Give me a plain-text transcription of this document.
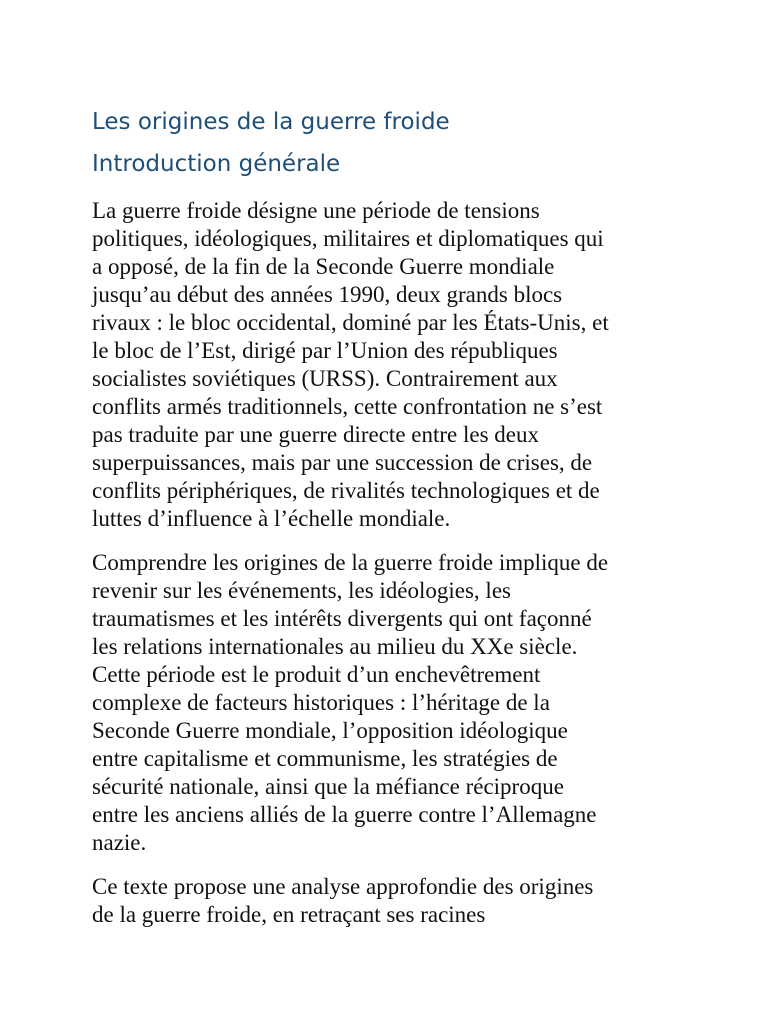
Les origines de la guerre froide
Introduction générale

La guerre froide désigne une période de tensions
politiques, idéologiques, militaires et diplomatiques qui
a opposé, de la fin de la Seconde Guerre mondiale
jusqu’au début des années 1990, deux grands blocs
rivaux : le bloc occidental, dominé par les États-Unis, et
le bloc de l’Est, dirigé par l’Union des républiques
socialistes soviétiques (URSS). Contrairement aux
conflits armés traditionnels, cette confrontation ne s’est
pas traduite par une guerre directe entre les deux
superpuissances, mais par une succession de crises, de
conflits périphériques, de rivalités technologiques et de
luttes d’influence à l’échelle mondiale.

Comprendre les origines de la guerre froide implique de
revenir sur les événements, les idéologies, les
traumatismes et les intérêts divergents qui ont façonné
les relations internationales au milieu du XXe siècle.
Cette période est le produit d’un enchevêtrement
complexe de facteurs historiques : l’héritage de la
Seconde Guerre mondiale, l’opposition idéologique
entre capitalisme et communisme, les stratégies de
sécurité nationale, ainsi que la méfiance réciproque
entre les anciens alliés de la guerre contre l’Allemagne
nazie.

Ce texte propose une analyse approfondie des origines
de la guerre froide, en retraçant ses racines
